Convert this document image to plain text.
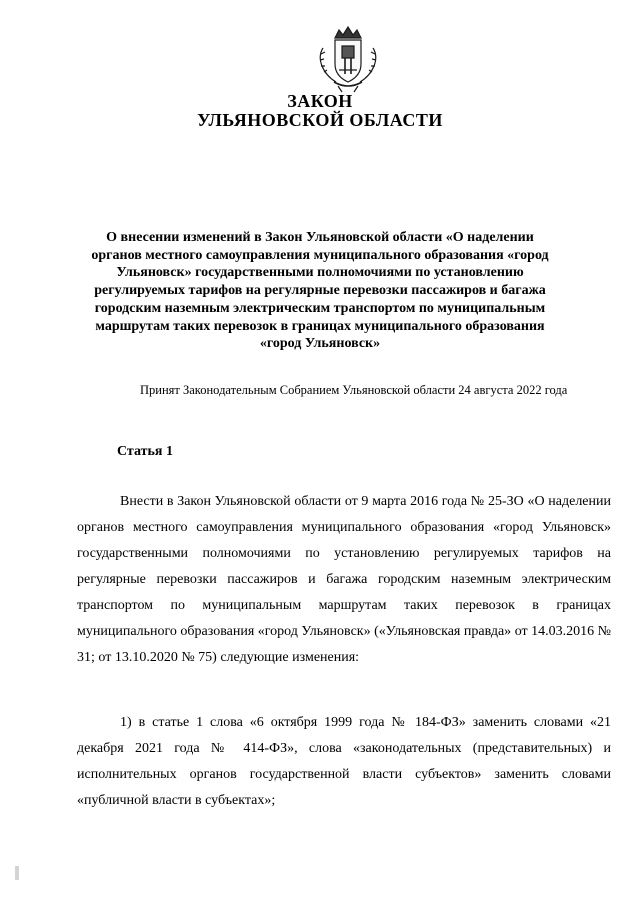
ЗАКОН
УЛЬЯНОВСКОЙ ОБЛАСТИ
О внесении изменений в Закон Ульяновской области «О наделении органов местного самоуправления муниципального образования «город Ульяновск» государственными полномочиями по установлению регулируемых тарифов на регулярные перевозки пассажиров и багажа городским наземным электрическим транспортом по муниципальным маршрутам таких перевозок в границах муниципального образования «город Ульяновск»
Принят Законодательным Собранием Ульяновской области 24 августа 2022 года
Статья 1
Внести в Закон Ульяновской области от 9 марта 2016 года № 25-ЗО «О наделении органов местного самоуправления муниципального образования «город Ульяновск» государственными полномочиями по установлению регулируемых тарифов на регулярные перевозки пассажиров и багажа городским наземным электрическим транспортом по муниципальным маршрутам таких перевозок в границах муниципального образования «город Ульяновск» («Ульяновская правда» от 14.03.2016 № 31; от 13.10.2020 № 75) следующие изменения:
1) в статье 1 слова «6 октября 1999 года № 184-ФЗ» заменить словами «21 декабря 2021 года № 414-ФЗ», слова «законодательных (представительных) и исполнительных органов государственной власти субъектов» заменить словами «публичной власти в субъектах»;
